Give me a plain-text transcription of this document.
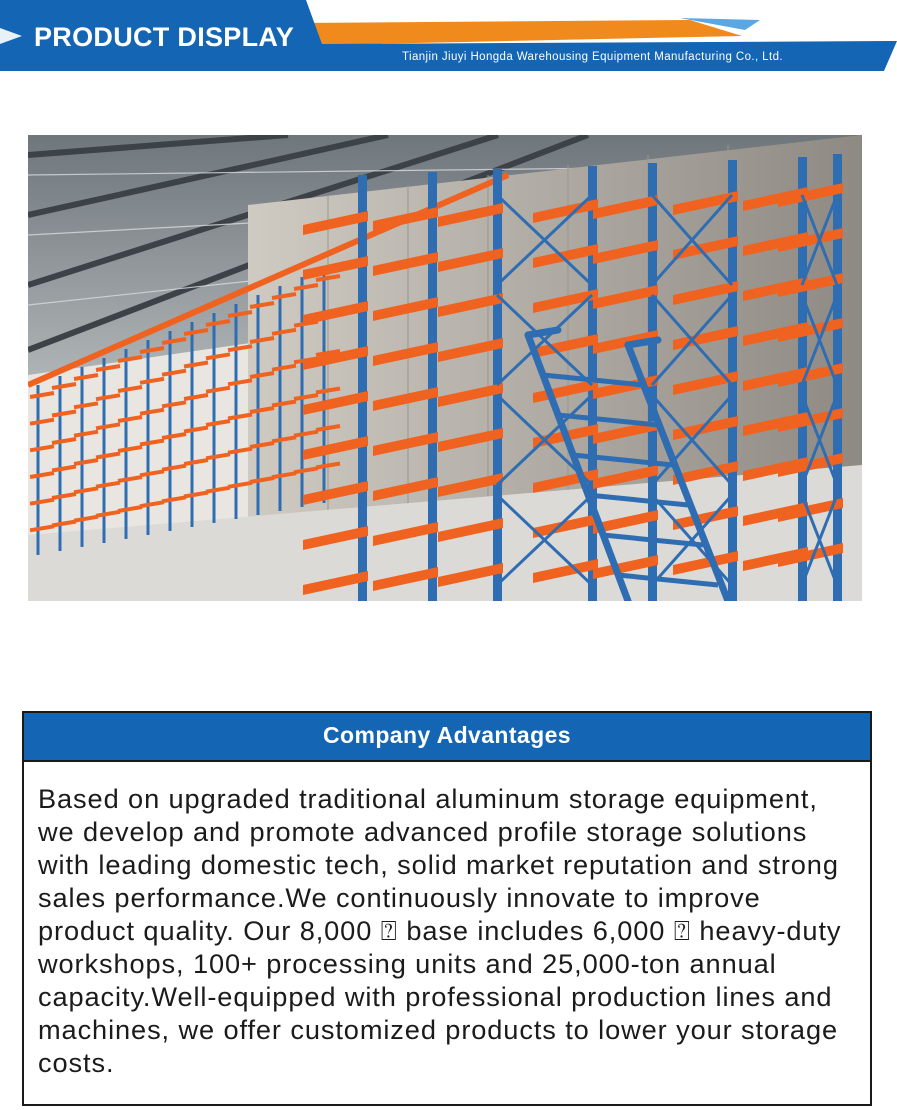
PRODUCT DISPLAY
Tianjin Jiuyi Hongda Warehousing Equipment Manufacturing Co., Ltd.
Company Advantages
Based on upgraded traditional aluminum storage equipment, we develop and promote advanced profile storage solutions with leading domestic tech, solid market reputation and strong sales performance.We continuously innovate to improve product quality. Our 8,000 ⍰ base includes 6,000 ⍰ heavy-duty workshops, 100+ processing units and 25,000-ton annual capacity.Well-equipped with professional production lines and machines, we offer customized products to lower your storage costs.
